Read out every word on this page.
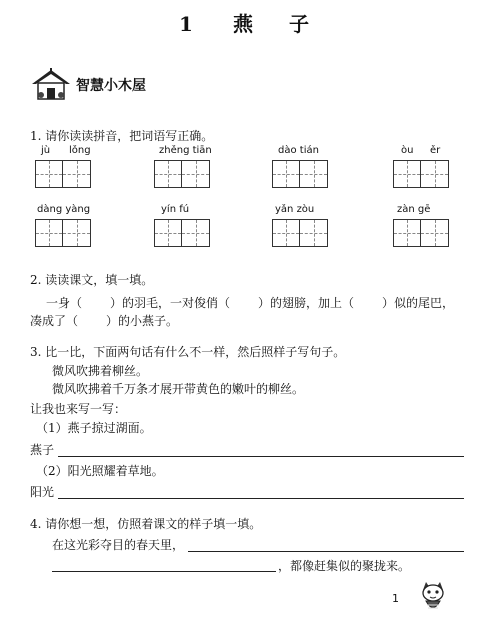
1 燕 子
智慧小木屋
1. 请你读读拼音，把词语写正确。
jù lǒng	zhěng tiān	dào tián	òu ěr
dàng yàng	yín fú	yǎn zòu	zàn gē
2. 读读课文，填一填。
一身（ ）的羽毛，一对俊俏（ ）的翅膀，加上（ ）似的尾巴，
凑成了（ ）的小燕子。
3. 比一比，下面两句话有什么不一样，然后照样子写句子。
微风吹拂着柳丝。
微风吹拂着千万条才展开带黄色的嫩叶的柳丝。
让我也来写一写：
（1）燕子掠过湖面。
燕子
（2）阳光照耀着草地。
阳光
4. 请你想一想，仿照着课文的样子填一填。
在这光彩夺目的春天里，
，都像赶集似的聚拢来。
1
